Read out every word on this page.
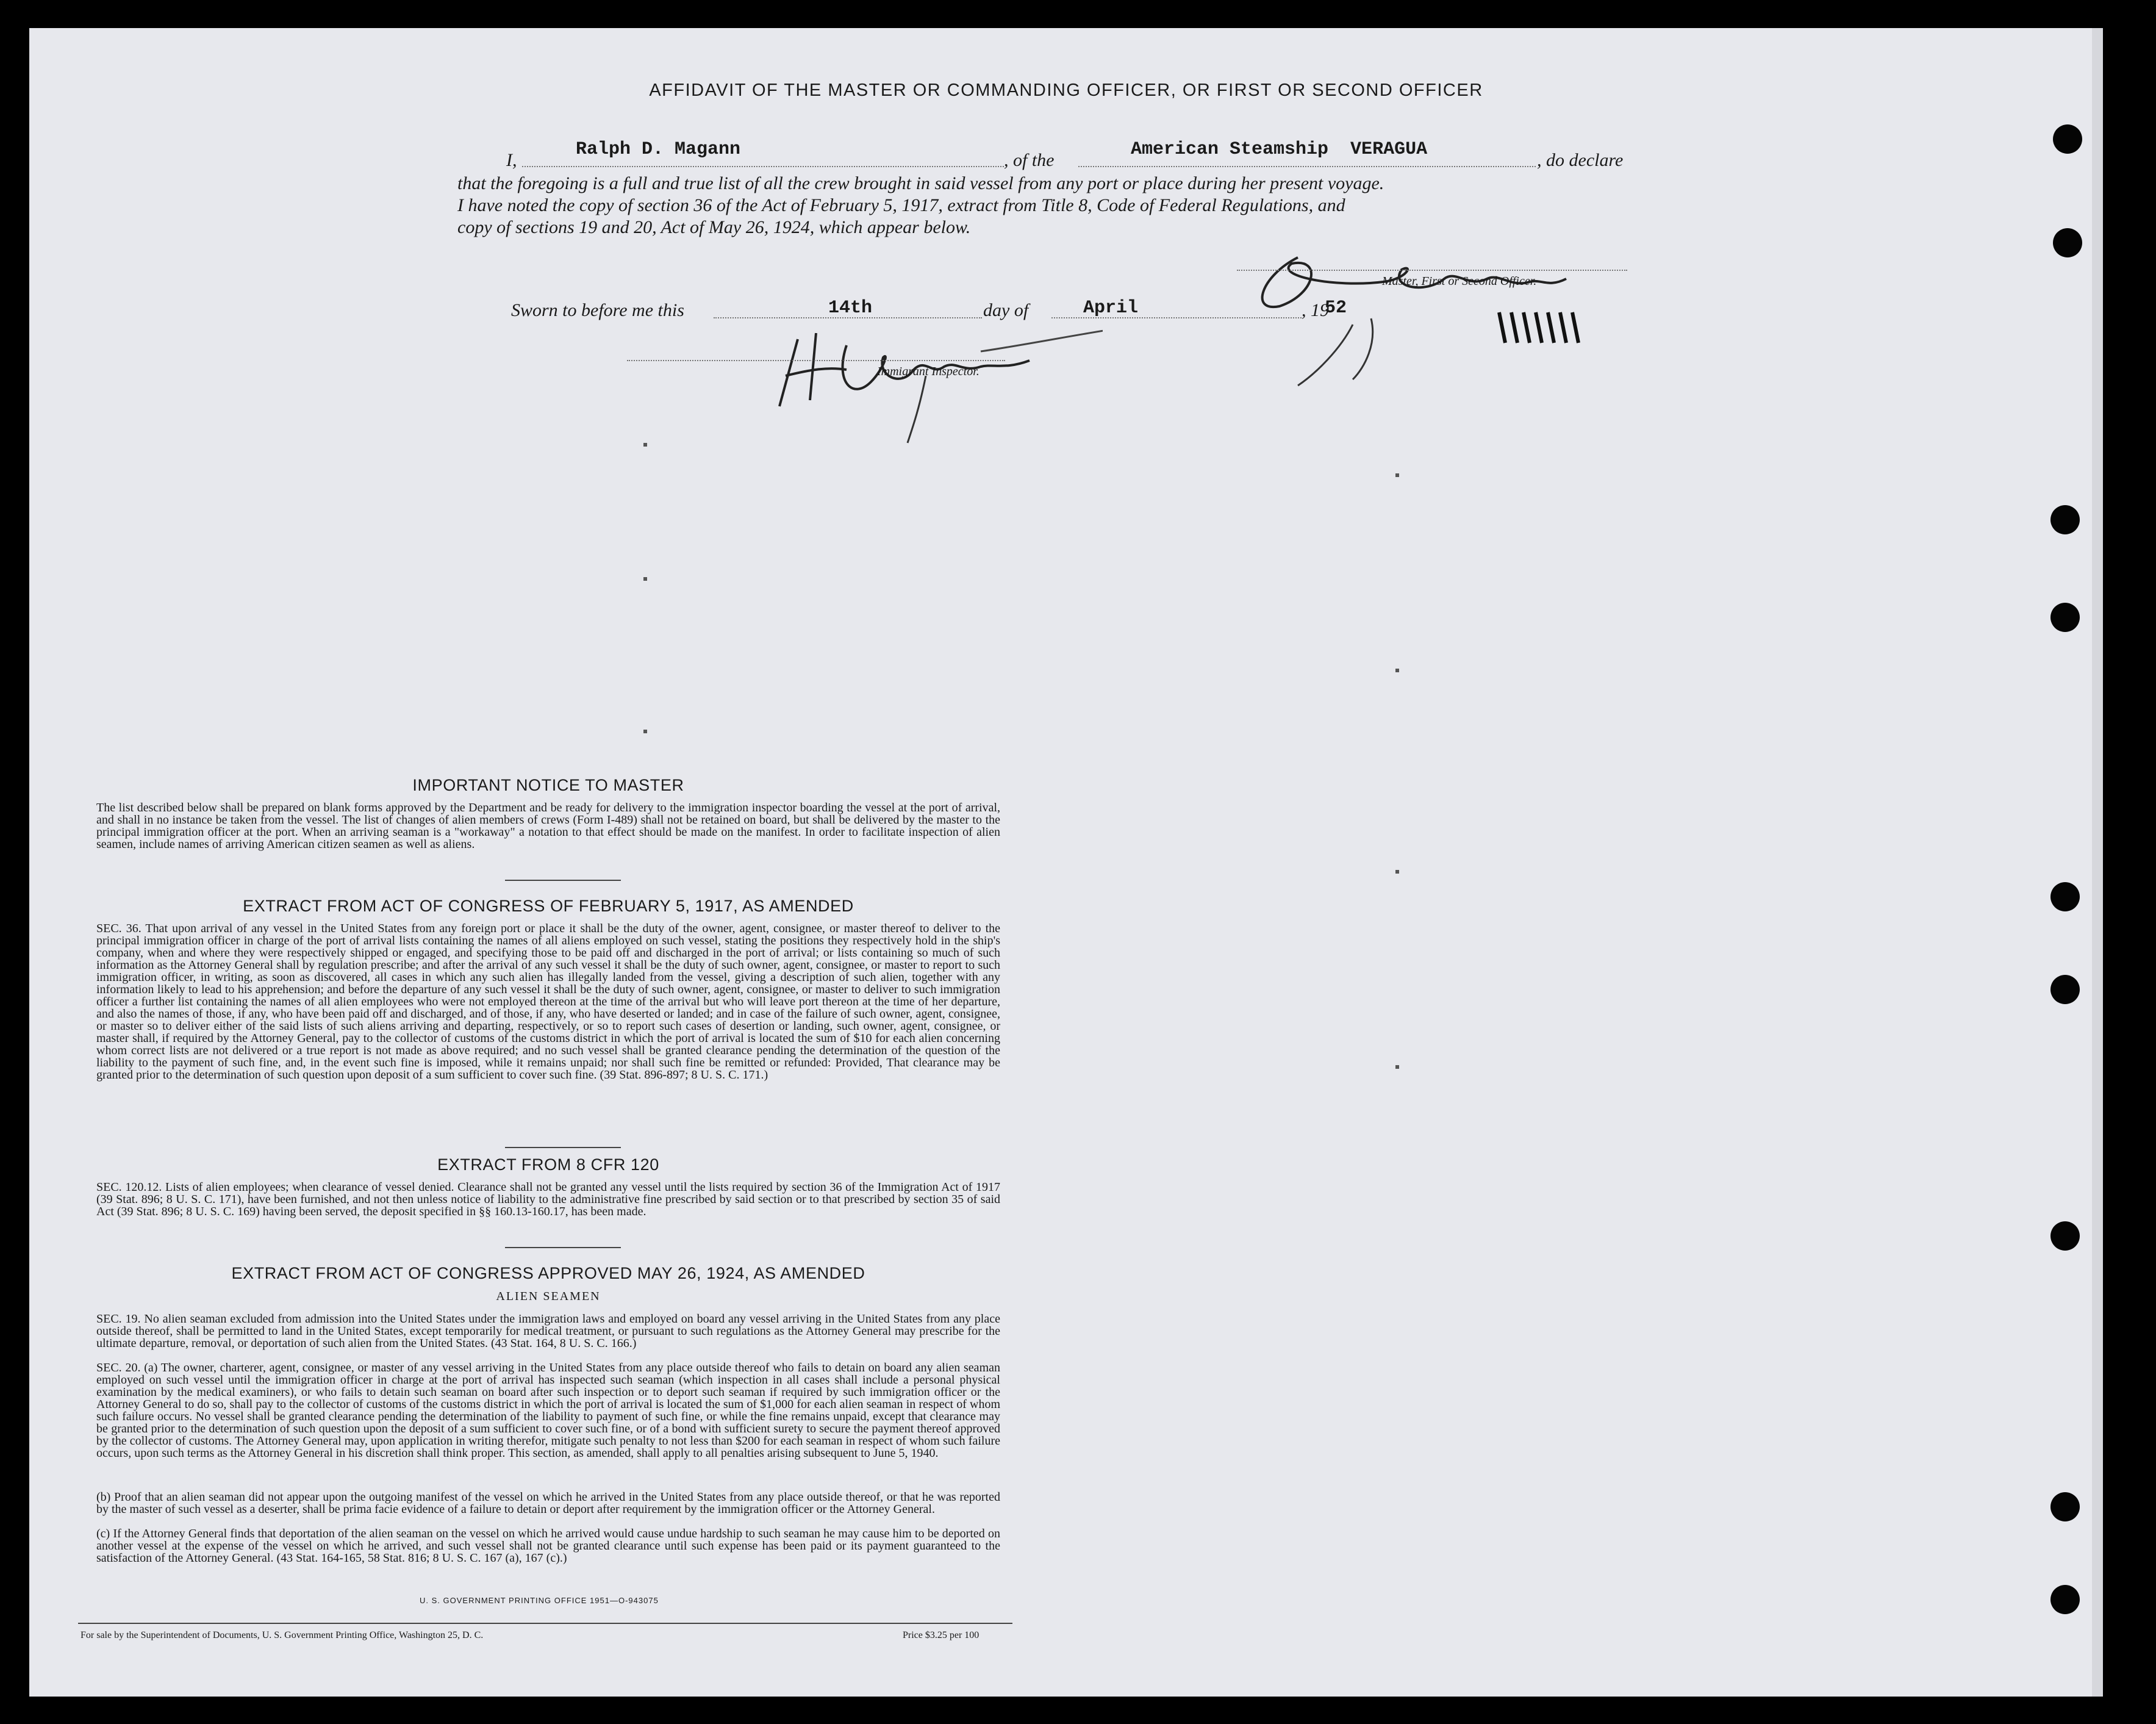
AFFIDAVIT OF THE MASTER OR COMMANDING OFFICER, OR FIRST OR SECOND OFFICER
I,
Ralph D. Magann
, of the
American Steamship  VERAGUA
, do declare
that the foregoing is a full and true list of all the crew brought in said vessel from any port or place during her present voyage.
I have noted the copy of section 36 of the Act of February 5, 1917, extract from Title 8, Code of Federal Regulations, and
copy of sections 19 and 20, Act of May 26, 1924, which appear below.
Master, First or Second Officer.
Sworn to before me this	14th	day of	April	, 19
52
Immigrant Inspector.
IMPORTANT NOTICE TO MASTER
The list described below shall be prepared on blank forms approved by the Department and be ready for delivery to the immigration inspector boarding the vessel at the port of arrival, and shall in no instance be taken from the vessel. The list of changes of alien members of crews (Form I-489) shall not be retained on board, but shall be delivered by the master to the principal immigration officer at the port. When an arriving seaman is a "workaway" a notation to that effect should be made on the manifest. In order to facilitate inspection of alien seamen, include names of arriving American citizen seamen as well as aliens.
EXTRACT FROM ACT OF CONGRESS OF FEBRUARY 5, 1917, AS AMENDED
SEC. 36. That upon arrival of any vessel in the United States from any foreign port or place it shall be the duty of the owner, agent, consignee, or master thereof to deliver to the principal immigration officer in charge of the port of arrival lists containing the names of all aliens employed on such vessel, stating the positions they respectively hold in the ship's company, when and where they were respectively shipped or engaged, and specifying those to be paid off and discharged in the port of arrival; or lists containing so much of such information as the Attorney General shall by regulation prescribe; and after the arrival of any such vessel it shall be the duty of such owner, agent, consignee, or master to report to such immigration officer, in writing, as soon as discovered, all cases in which any such alien has illegally landed from the vessel, giving a description of such alien, together with any information likely to lead to his apprehension; and before the departure of any such vessel it shall be the duty of such owner, agent, consignee, or master to deliver to such immigration officer a further list containing the names of all alien employees who were not employed thereon at the time of the arrival but who will leave port thereon at the time of her departure, and also the names of those, if any, who have been paid off and discharged, and of those, if any, who have deserted or landed; and in case of the failure of such owner, agent, consignee, or master so to deliver either of the said lists of such aliens arriving and departing, respectively, or so to report such cases of desertion or landing, such owner, agent, consignee, or master shall, if required by the Attorney General, pay to the collector of customs of the customs district in which the port of arrival is located the sum of $10 for each alien concerning whom correct lists are not delivered or a true report is not made as above required; and no such vessel shall be granted clearance pending the determination of the question of the liability to the payment of such fine, and, in the event such fine is imposed, while it remains unpaid; nor shall such fine be remitted or refunded: Provided, That clearance may be granted prior to the determination of such question upon deposit of a sum sufficient to cover such fine. (39 Stat. 896-897; 8 U. S. C. 171.)
EXTRACT FROM 8 CFR 120
SEC. 120.12. Lists of alien employees; when clearance of vessel denied. Clearance shall not be granted any vessel until the lists required by section 36 of the Immigration Act of 1917 (39 Stat. 896; 8 U. S. C. 171), have been furnished, and not then unless notice of liability to the administrative fine prescribed by said section or to that prescribed by section 35 of said Act (39 Stat. 896; 8 U. S. C. 169) having been served, the deposit specified in §§ 160.13-160.17, has been made.
EXTRACT FROM ACT OF CONGRESS APPROVED MAY 26, 1924, AS AMENDED
ALIEN SEAMEN
SEC. 19. No alien seaman excluded from admission into the United States under the immigration laws and employed on board any vessel arriving in the United States from any place outside thereof, shall be permitted to land in the United States, except temporarily for medical treatment, or pursuant to such regulations as the Attorney General may prescribe for the ultimate departure, removal, or deportation of such alien from the United States. (43 Stat. 164, 8 U. S. C. 166.)
SEC. 20. (a) The owner, charterer, agent, consignee, or master of any vessel arriving in the United States from any place outside thereof who fails to detain on board any alien seaman employed on such vessel until the immigration officer in charge at the port of arrival has inspected such seaman (which inspection in all cases shall include a personal physical examination by the medical examiners), or who fails to detain such seaman on board after such inspection or to deport such seaman if required by such immigration officer or the Attorney General to do so, shall pay to the collector of customs of the customs district in which the port of arrival is located the sum of $1,000 for each alien seaman in respect of whom such failure occurs. No vessel shall be granted clearance pending the determination of the liability to payment of such fine, or while the fine remains unpaid, except that clearance may be granted prior to the determination of such question upon the deposit of a sum sufficient to cover such fine, or of a bond with sufficient surety to secure the payment thereof approved by the collector of customs. The Attorney General may, upon application in writing therefor, mitigate such penalty to not less than $200 for each seaman in respect of whom such failure occurs, upon such terms as the Attorney General in his discretion shall think proper. This section, as amended, shall apply to all penalties arising subsequent to June 5, 1940.
(b) Proof that an alien seaman did not appear upon the outgoing manifest of the vessel on which he arrived in the United States from any place outside thereof, or that he was reported by the master of such vessel as a deserter, shall be prima facie evidence of a failure to detain or deport after requirement by the immigration officer or the Attorney General.
(c) If the Attorney General finds that deportation of the alien seaman on the vessel on which he arrived would cause undue hardship to such seaman he may cause him to be deported on another vessel at the expense of the vessel on which he arrived, and such vessel shall not be granted clearance until such expense has been paid or its payment guaranteed to the satisfaction of the Attorney General. (43 Stat. 164-165, 58 Stat. 816; 8 U. S. C. 167 (a), 167 (c).)
U. S. GOVERNMENT PRINTING OFFICE 1951—O-943075
For sale by the Superintendent of Documents, U. S. Government Printing Office, Washington 25, D. C.	Price $3.25 per 100
